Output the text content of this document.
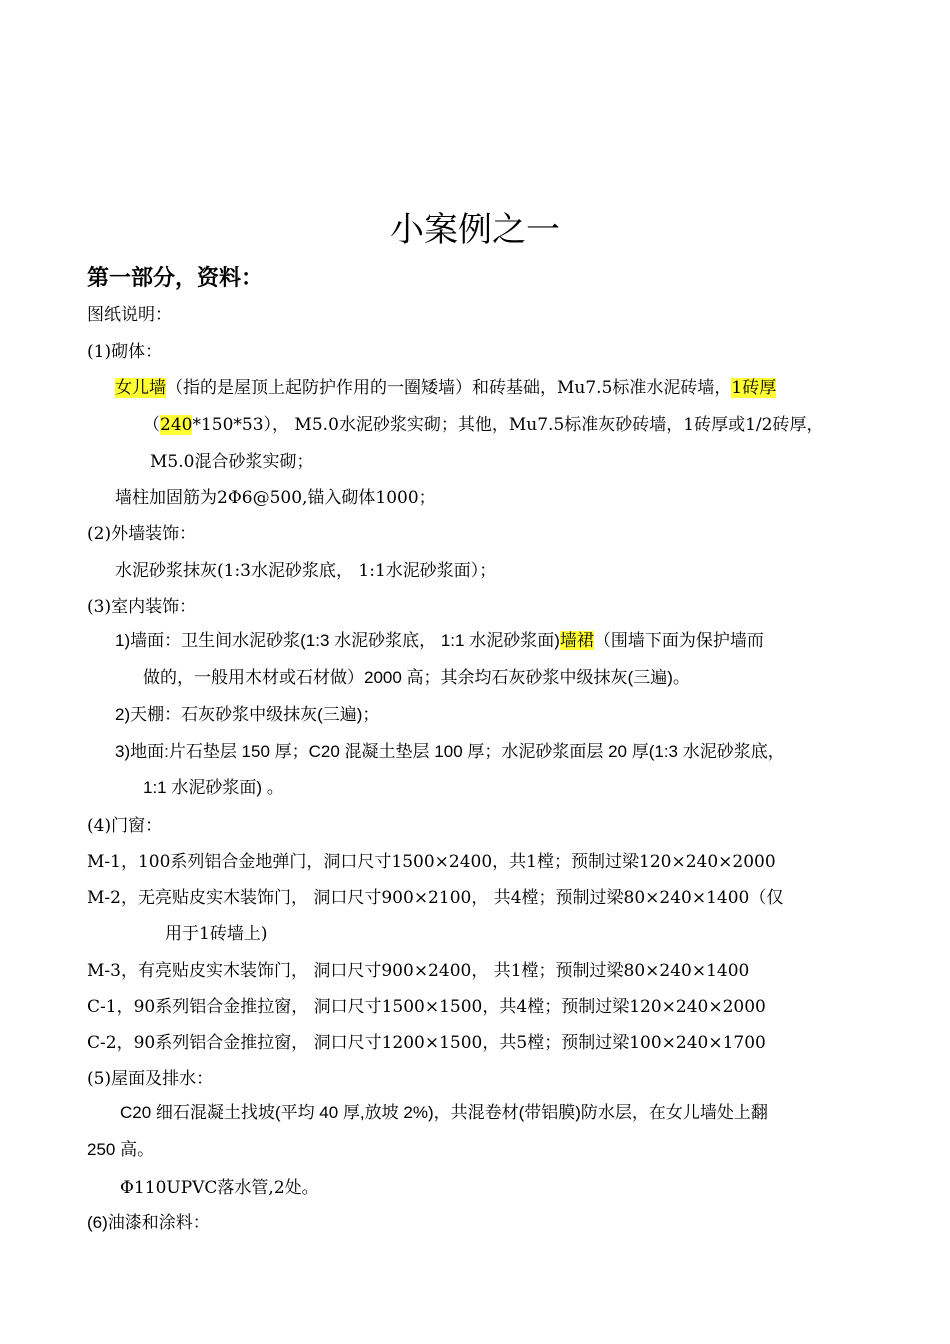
小案例之一
第一部分，资料：
图纸说明：
(1)砌体：
女儿墙（指的是屋顶上起防护作用的一圈矮墙）和砖基础，Mu7.5标准水泥砖墙，1砖厚
（240*150*53）， M5.0水泥砂浆实砌；其他，Mu7.5标准灰砂砖墙，1砖厚或1/2砖厚，
M5.0混合砂浆实砌；
墙柱加固筋为2Φ6@500,锚入砌体1000；
(2)外墙装饰：
水泥砂浆抹灰(1:3水泥砂浆底， 1:1水泥砂浆面）；
(3)室内装饰：
1)墙面：卫生间水泥砂浆(1:3 水泥砂浆底， 1:1 水泥砂浆面)墙裙（围墙下面为保护墙而
做的，一般用木材或石材做）2000 高；其余均石灰砂浆中级抹灰(三遍)。
2)天棚：石灰砂浆中级抹灰(三遍)；
3)地面:片石垫层 150 厚；C20 混凝土垫层 100 厚；水泥砂浆面层 20 厚(1:3 水泥砂浆底，
1:1 水泥砂浆面) 。
(4)门窗：
M-1，100系列铝合金地弹门，洞口尺寸1500×2400，共1樘；预制过梁120×240×2000
M-2，无亮贴皮实木装饰门， 洞口尺寸900×2100， 共4樘；预制过梁80×240×1400（仅
用于1砖墙上)
M-3，有亮贴皮实木装饰门， 洞口尺寸900×2400， 共1樘；预制过梁80×240×1400
C-1，90系列铝合金推拉窗， 洞口尺寸1500×1500，共4樘；预制过梁120×240×2000
C-2，90系列铝合金推拉窗， 洞口尺寸1200×1500，共5樘；预制过梁100×240×1700
(5)屋面及排水：
C20 细石混凝土找坡(平均 40 厚,放坡 2%)，共混卷材(带铝膜)防水层，在女儿墙处上翻
250 高。
Φ110UPVC落水管,2处。
(6)油漆和涂料：
